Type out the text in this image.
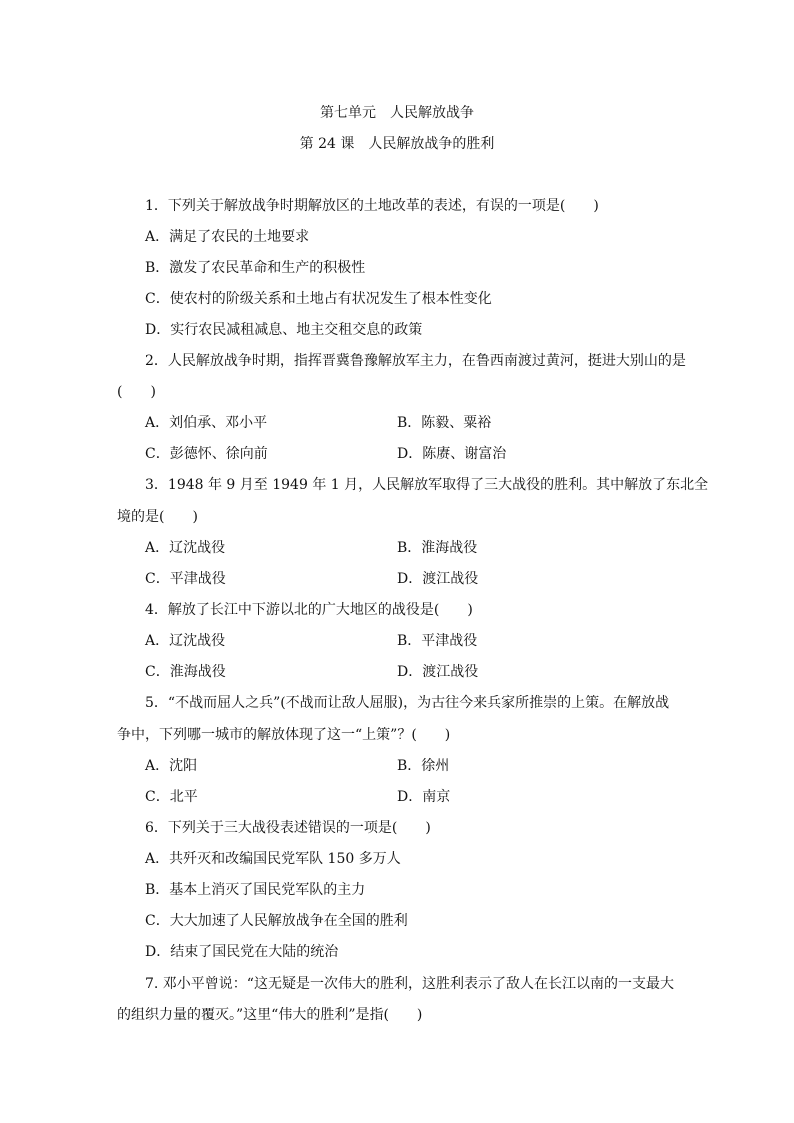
第七单元　人民解放战争
第 24 课　人民解放战争的胜利
1．下列关于解放战争时期解放区的土地改革的表述，有误的一项是(　　)
A．满足了农民的土地要求
B．激发了农民革命和生产的积极性
C．使农村的阶级关系和土地占有状况发生了根本性变化
D．实行农民减租减息、地主交租交息的政策
2．人民解放战争时期，指挥晋冀鲁豫解放军主力，在鲁西南渡过黄河，挺进大别山的是
(　　)
A．刘伯承、邓小平	B．陈毅、粟裕
C．彭德怀、徐向前	D．陈赓、谢富治
3．1948 年 9 月至 1949 年 1 月，人民解放军取得了三大战役的胜利。其中解放了东北全
境的是(　　)
A．辽沈战役	B．淮海战役
C．平津战役	D．渡江战役
4．解放了长江中下游以北的广大地区的战役是(　　)
A．辽沈战役	B．平津战役
C．淮海战役	D．渡江战役
5．“不战而屈人之兵”(不战而让敌人屈服)，为古往今来兵家所推崇的上策。在解放战
争中，下列哪一城市的解放体现了这一“上策”？(　　)
A．沈阳	B．徐州
C．北平	D．南京
6．下列关于三大战役表述错误的一项是(　　)
A．共歼灭和改编国民党军队 150 多万人
B．基本上消灭了国民党军队的主力
C．大大加速了人民解放战争在全国的胜利
D．结束了国民党在大陆的统治
7. 邓小平曾说：“这无疑是一次伟大的胜利，这胜利表示了敌人在长江以南的一支最大
的组织力量的覆灭。”这里“伟大的胜利”是指(　　)
